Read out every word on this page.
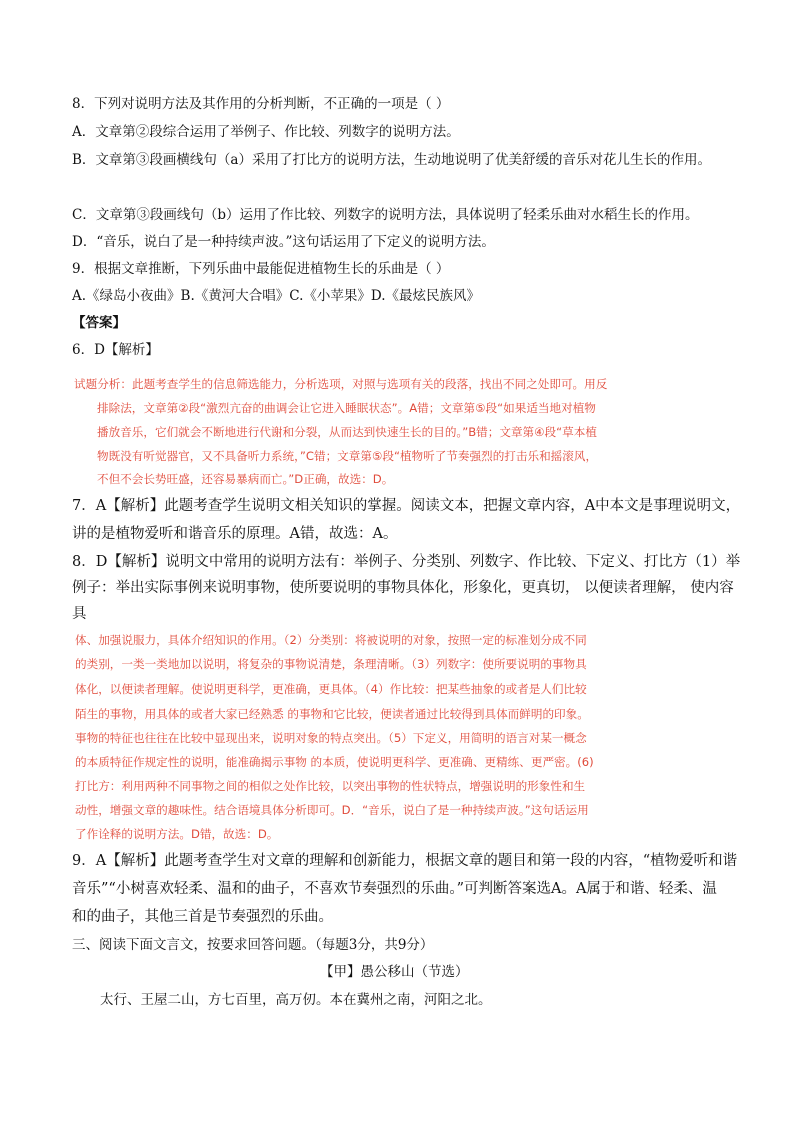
8．下列对说明方法及其作用的分析判断，不正确的一项是（ ）
A．文章第②段综合运用了举例子、作比较、列数字的说明方法。
B．文章第③段画横线句（a）采用了打比方的说明方法，生动地说明了优美舒缓的音乐对花儿生长的作用。
C．文章第③段画线句（b）运用了作比较、列数字的说明方法，具体说明了轻柔乐曲对水稻生长的作用。
D．“音乐，说白了是一种持续声波。”这句话运用了下定义的说明方法。
9．根据文章推断，下列乐曲中最能促进植物生长的乐曲是（ ）
A.《绿岛小夜曲》B.《黄河大合唱》C.《小苹果》D.《最炫民族风》
【答案】
6．D【解析】
试题分析：此题考查学生的信息筛选能力，分析选项，对照与选项有关的段落，找出不同之处即可。用反
排除法，文章第②段“激烈亢奋的曲调会让它进入睡眠状态”。A错；文章第⑤段“如果适当地对植物
播放音乐，它们就会不断地进行代谢和分裂，从而达到快速生长的目的。”B错；文章第④段“草本植
物既没有听觉器官，又不具备听力系统，”C错；文章第⑤段“植物听了节奏强烈的打击乐和摇滚风，
不但不会长势旺盛，还容易暴病而亡。”D正确，故选：D。
7．A【解析】此题考查学生说明文相关知识的掌握。阅读文本，把握文章内容，A中本文是事理说明文，
讲的是植物爱听和谐音乐的原理。A错，故选：A。
8．D【解析】说明文中常用的说明方法有：举例子、分类别、列数字、作比较、下定义、打比方（1）举
例子：举出实际事例来说明事物，使所要说明的事物具体化，形象化，更真切， 以便读者理解， 使内容
具
体、加强说服力，具体介绍知识的作用。（2）分类别：将被说明的对象，按照一定的标准划分成不同
的类别，一类一类地加以说明，将复杂的事物说清楚，条理清晰。（3）列数字：使所要说明的事物具
体化，以便读者理解。使说明更科学，更准确，更具体。（4）作比较：把某些抽象的或者是人们比较
陌生的事物，用具体的或者大家已经熟悉 的事物和它比较，便读者通过比较得到具体而鲜明的印象。
事物的特征也往往在比较中显现出来，说明对象的特点突出。（5）下定义，用简明的语言对某一概念
的本质特征作规定性的说明，能准确揭示事物 的本质，使说明更科学、更准确、更精练、更严密。(6)
打比方：利用两种不同事物之间的相似之处作比较，以突出事物的性状特点，增强说明的形象性和生
动性，增强文章的趣味性。结合语境具体分析即可。D．“音乐，说白了是一种持续声波。”这句话运用
了作诠释的说明方法。D错，故选：D。
9．A【解析】此题考查学生对文章的理解和创新能力，根据文章的题目和第一段的内容，“植物爱听和谐
音乐”“小树喜欢轻柔、温和的曲子，不喜欢节奏强烈的乐曲。”可判断答案选A。A属于和谐、轻柔、温
和的曲子，其他三首是节奏强烈的乐曲。
三、阅读下面文言文，按要求回答问题。（每题3分，共9分）
【甲】愚公移山（节选）
太行、王屋二山，方七百里，高万仞。本在冀州之南，河阳之北。
